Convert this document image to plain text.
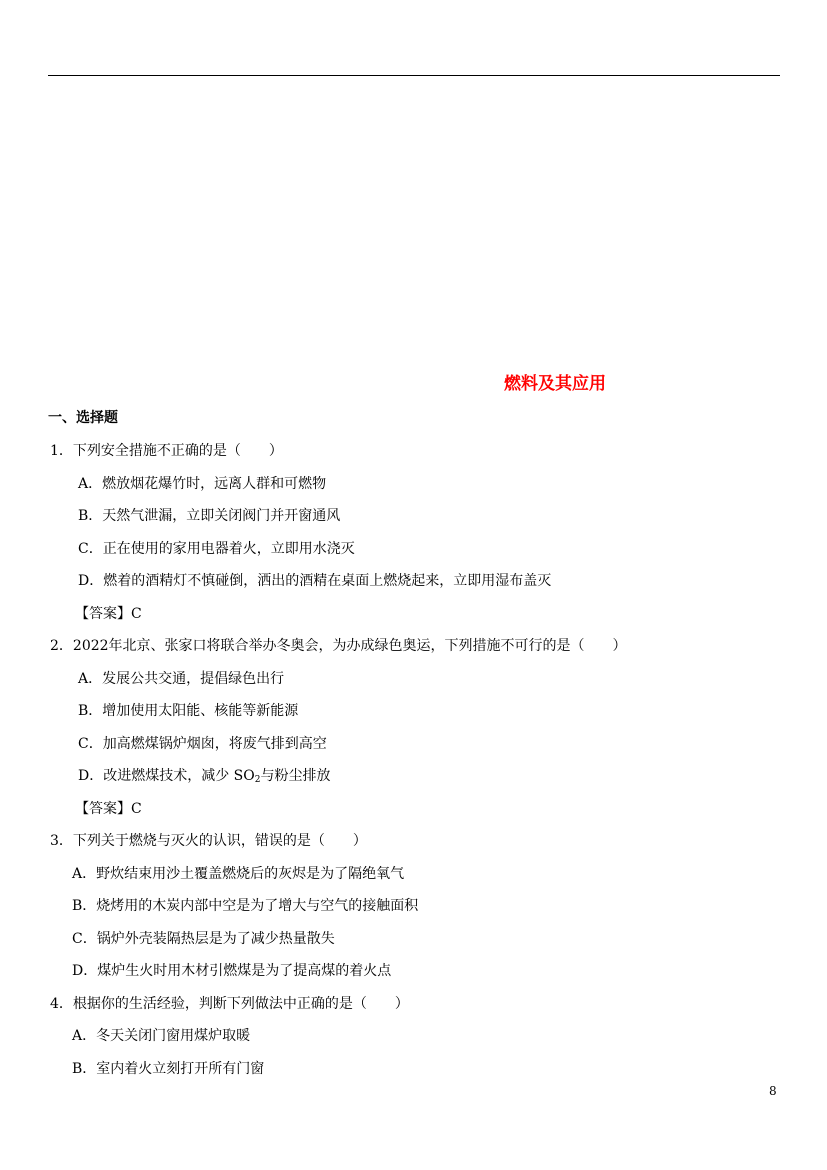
燃料及其应用
一、选择题
1．下列安全措施不正确的是（　　）
A．燃放烟花爆竹时，远离人群和可燃物
B．天然气泄漏，立即关闭阀门并开窗通风
C．正在使用的家用电器着火，立即用水浇灭
D．燃着的酒精灯不慎碰倒，洒出的酒精在桌面上燃烧起来，立即用湿布盖灭
【答案】C
2．2022年北京、张家口将联合举办冬奥会，为办成绿色奥运，下列措施不可行的是（　　）
A．发展公共交通，提倡绿色出行
B．增加使用太阳能、核能等新能源
C．加高燃煤锅炉烟囱，将废气排到高空
D．改进燃煤技术，减少 $SO_2$与粉尘排放
【答案】C
3．下列关于燃烧与灭火的认识，错误的是（　　）
A．野炊结束用沙土覆盖燃烧后的灰烬是为了隔绝氧气
B．烧烤用的木炭内部中空是为了增大与空气的接触面积
C．锅炉外壳装隔热层是为了减少热量散失
D．煤炉生火时用木材引燃煤是为了提高煤的着火点
4．根据你的生活经验，判断下列做法中正确的是（　　）
A．冬天关闭门窗用煤炉取暖
B．室内着火立刻打开所有门窗
8
